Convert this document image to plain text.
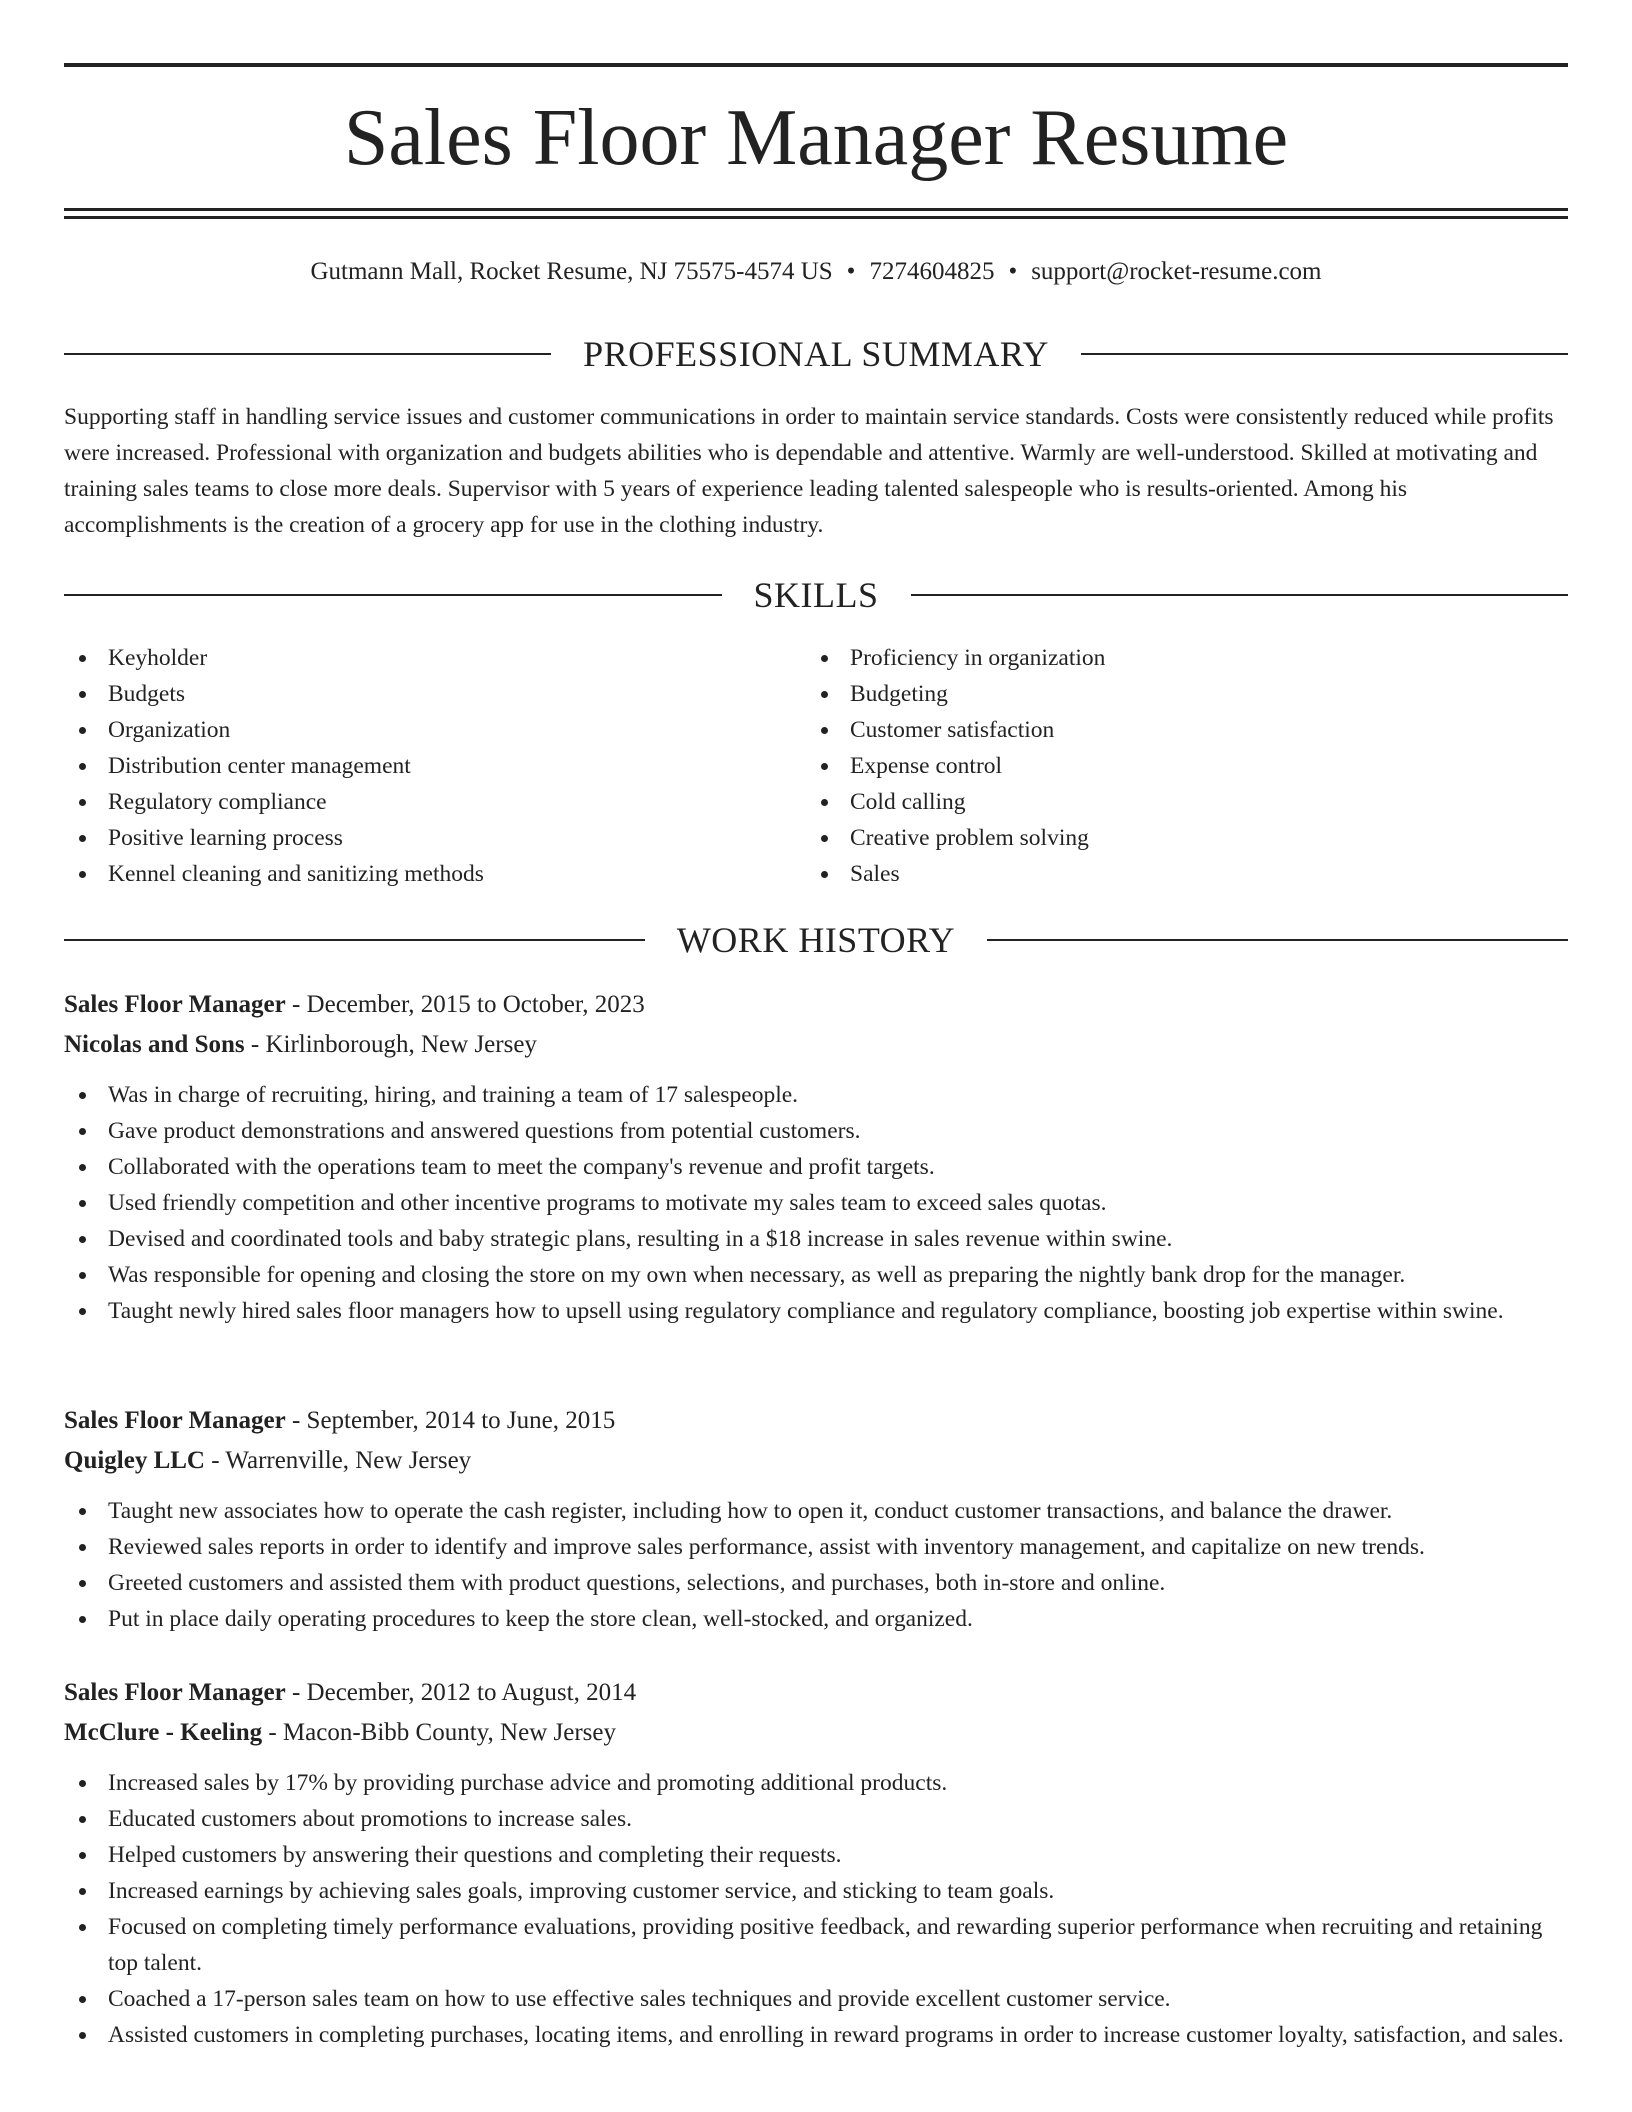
Sales Floor Manager Resume
Gutmann Mall, Rocket Resume, NJ 75575-4574 US • 7274604825 • support@rocket-resume.com
PROFESSIONAL SUMMARY

Supporting staff in handling service issues and customer communications in order to maintain service standards. Costs were consistently reduced while profits were increased. Professional with organization and budgets abilities who is dependable and attentive. Warmly are well-understood. Skilled at motivating and training sales teams to close more deals. Supervisor with 5 years of experience leading talented salespeople who is results-oriented. Among his accomplishments is the creation of a grocery app for use in the clothing industry.

SKILLS
Keyholder
Budgets
Organization
Distribution center management
Regulatory compliance
Positive learning process
Kennel cleaning and sanitizing methods
Proficiency in organization
Budgeting
Customer satisfaction
Expense control
Cold calling
Creative problem solving
Sales
WORK HISTORY
Sales Floor Manager - December, 2015 to October, 2023
Nicolas and Sons - Kirlinborough, New Jersey
Was in charge of recruiting, hiring, and training a team of 17 salespeople.
Gave product demonstrations and answered questions from potential customers.
Collaborated with the operations team to meet the company's revenue and profit targets.
Used friendly competition and other incentive programs to motivate my sales team to exceed sales quotas.
Devised and coordinated tools and baby strategic plans, resulting in a $18 increase in sales revenue within swine.
Was responsible for opening and closing the store on my own when necessary, as well as preparing the nightly bank drop for the manager.
Taught newly hired sales floor managers how to upsell using regulatory compliance and regulatory compliance, boosting job expertise within swine.
Sales Floor Manager - September, 2014 to June, 2015
Quigley LLC - Warrenville, New Jersey
Taught new associates how to operate the cash register, including how to open it, conduct customer transactions, and balance the drawer.
Reviewed sales reports in order to identify and improve sales performance, assist with inventory management, and capitalize on new trends.
Greeted customers and assisted them with product questions, selections, and purchases, both in-store and online.
Put in place daily operating procedures to keep the store clean, well-stocked, and organized.
Sales Floor Manager - December, 2012 to August, 2014
McClure - Keeling - Macon-Bibb County, New Jersey
Increased sales by 17% by providing purchase advice and promoting additional products.
Educated customers about promotions to increase sales.
Helped customers by answering their questions and completing their requests.
Increased earnings by achieving sales goals, improving customer service, and sticking to team goals.
Focused on completing timely performance evaluations, providing positive feedback, and rewarding superior performance when recruiting and retaining top talent.
Coached a 17-person sales team on how to use effective sales techniques and provide excellent customer service.
Assisted customers in completing purchases, locating items, and enrolling in reward programs in order to increase customer loyalty, satisfaction, and sales.
